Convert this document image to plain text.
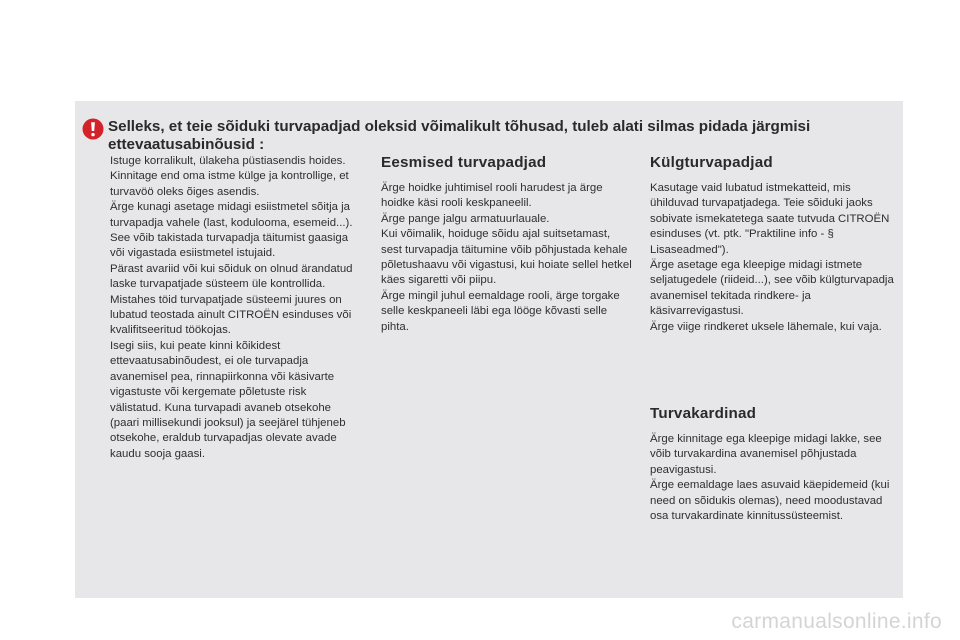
Selleks, et teie sõiduki turvapadjad oleksid võimalikult tõhusad, tuleb alati silmas pidada järgmisi ettevaatusabinõusid :

Istuge korralikult, ülakeha püstiasendis hoides.

Kinnitage end oma istme külge ja kontrollige, et turvavöö oleks õiges asendis.

Ärge kunagi asetage midagi esiistmetel sõitja ja turvapadja vahele (last, kodulooma, esemeid...). See võib takistada turvapadja täitumist gaasiga või vigastada esiistmetel istujaid.

Pärast avariid või kui sõiduk on olnud ärandatud laske turvapatjade süsteem üle kontrollida.

Mistahes töid turvapatjade süsteemi juures on lubatud teostada ainult CITROËN esinduses või kvalifitseeritud töökojas.

Isegi siis, kui peate kinni kõikidest ettevaatusabinõudest, ei ole turvapadja avanemisel pea, rinnapiirkonna või käsivarte vigastuste või kergemate põletuste risk välistatud. Kuna turvapadi avaneb otsekohe (paari millisekundi jooksul) ja seejärel tühjeneb otsekohe, eraldub turvapadjas olevate avade kaudu sooja gaasi.

Eesmised turvapadjad

Ärge hoidke juhtimisel rooli harudest ja ärge hoidke käsi rooli keskpaneelil.

Ärge pange jalgu armatuurlauale.

Kui võimalik, hoiduge sõidu ajal suitsetamast, sest turvapadja täitumine võib põhjustada kehale põletushaavu või vigastusi, kui hoiate sellel hetkel käes sigaretti või piipu.

Ärge mingil juhul eemaldage rooli, ärge torgake selle keskpaneeli läbi ega lööge kõvasti selle pihta.

Külgturvapadjad

Kasutage vaid lubatud istmekatteid, mis ühilduvad turvapatjadega. Teie sõiduki jaoks sobivate ismekatetega saate tutvuda CITROËN esinduses (vt. ptk. "Praktiline info - § Lisaseadmed").

Ärge asetage ega kleepige midagi istmete seljatugedele (riideid...), see võib külgturvapadja avanemisel tekitada rindkere- ja käsivarrevigastusi.

Ärge viige rindkeret uksele lähemale, kui vaja.

Turvakardinad

Ärge kinnitage ega kleepige midagi lakke, see võib turvakardina avanemisel põhjustada peavigastusi.

Ärge eemaldage laes asuvaid käepidemeid (kui need on sõidukis olemas), need moodustavad osa turvakardinate kinnitussüsteemist.

carmanualsonline.info
